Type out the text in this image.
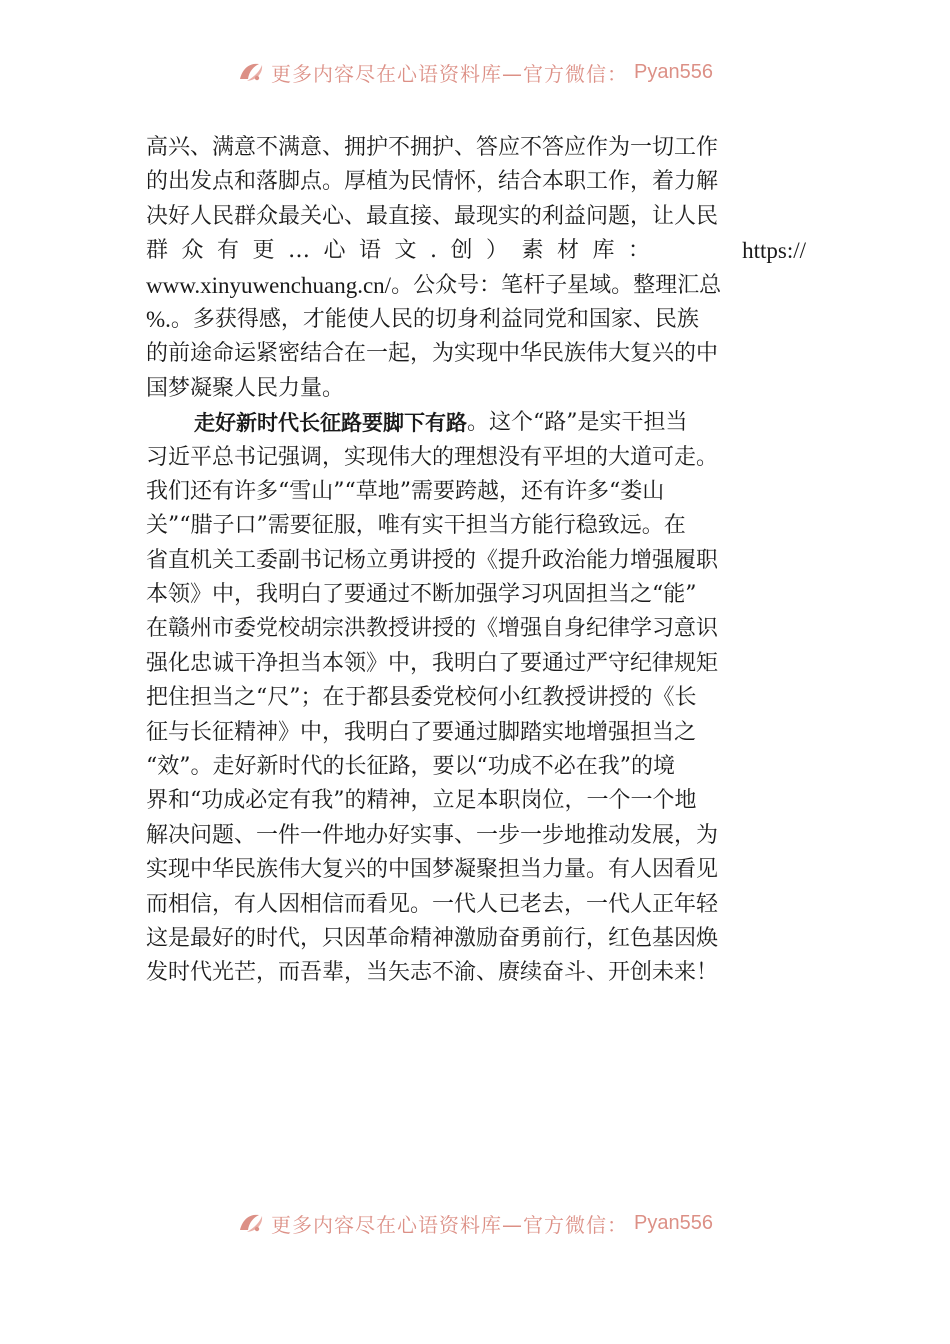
更多内容尽在心语资料库—官方微信： Pyan556
高兴、满意不满意、拥护不拥护、答应不答应作为一切工作
的出发点和落脚点。厚植为民情怀，结合本职工作，着力解
决好人民群众最关心、最直接、最现实的利益问题，让人民
群众有更…心语文.创）素材库：	https://
www.xinyuwenchuang.cn/ 。公众号：笔杆子星域。整理汇总
%. 。多获得感，才能使人民的切身利益同党和国家、民族
的前途命运紧密结合在一起，为实现中华民族伟大复兴的中
国梦凝聚人民力量。
走好新时代长征路要脚下有路 。这个“路”是实干担当
习近平总书记强调，实现伟大的理想没有平坦的大道可走。
我们还有许多“雪山”“草地”需要跨越，还有许多“娄山
关”“腊子口”需要征服，唯有实干担当方能行稳致远。在
省直机关工委副书记杨立勇讲授的《提升政治能力增强履职
本领》中，我明白了要通过不断加强学习巩固担当之“能”
在赣州市委党校胡宗洪教授讲授的《增强自身纪律学习意识
强化忠诚干净担当本领》中，我明白了要通过严守纪律规矩
把住担当之“尺”；在于都县委党校何小红教授讲授的《长
征与长征精神》中，我明白了要通过脚踏实地增强担当之
“效”。走好新时代的长征路，要以“功成不必在我”的境
界和“功成必定有我”的精神，立足本职岗位，一个一个地
解决问题、一件一件地办好实事、一步一步地推动发展，为
实现中华民族伟大复兴的中国梦凝聚担当力量。有人因看见
而相信，有人因相信而看见。一代人已老去，一代人正年轻
这是最好的时代，只因革命精神激励奋勇前行，红色基因焕
发时代光芒，而吾辈，当矢志不渝、赓续奋斗、开创未来！
更多内容尽在心语资料库—官方微信： Pyan556
